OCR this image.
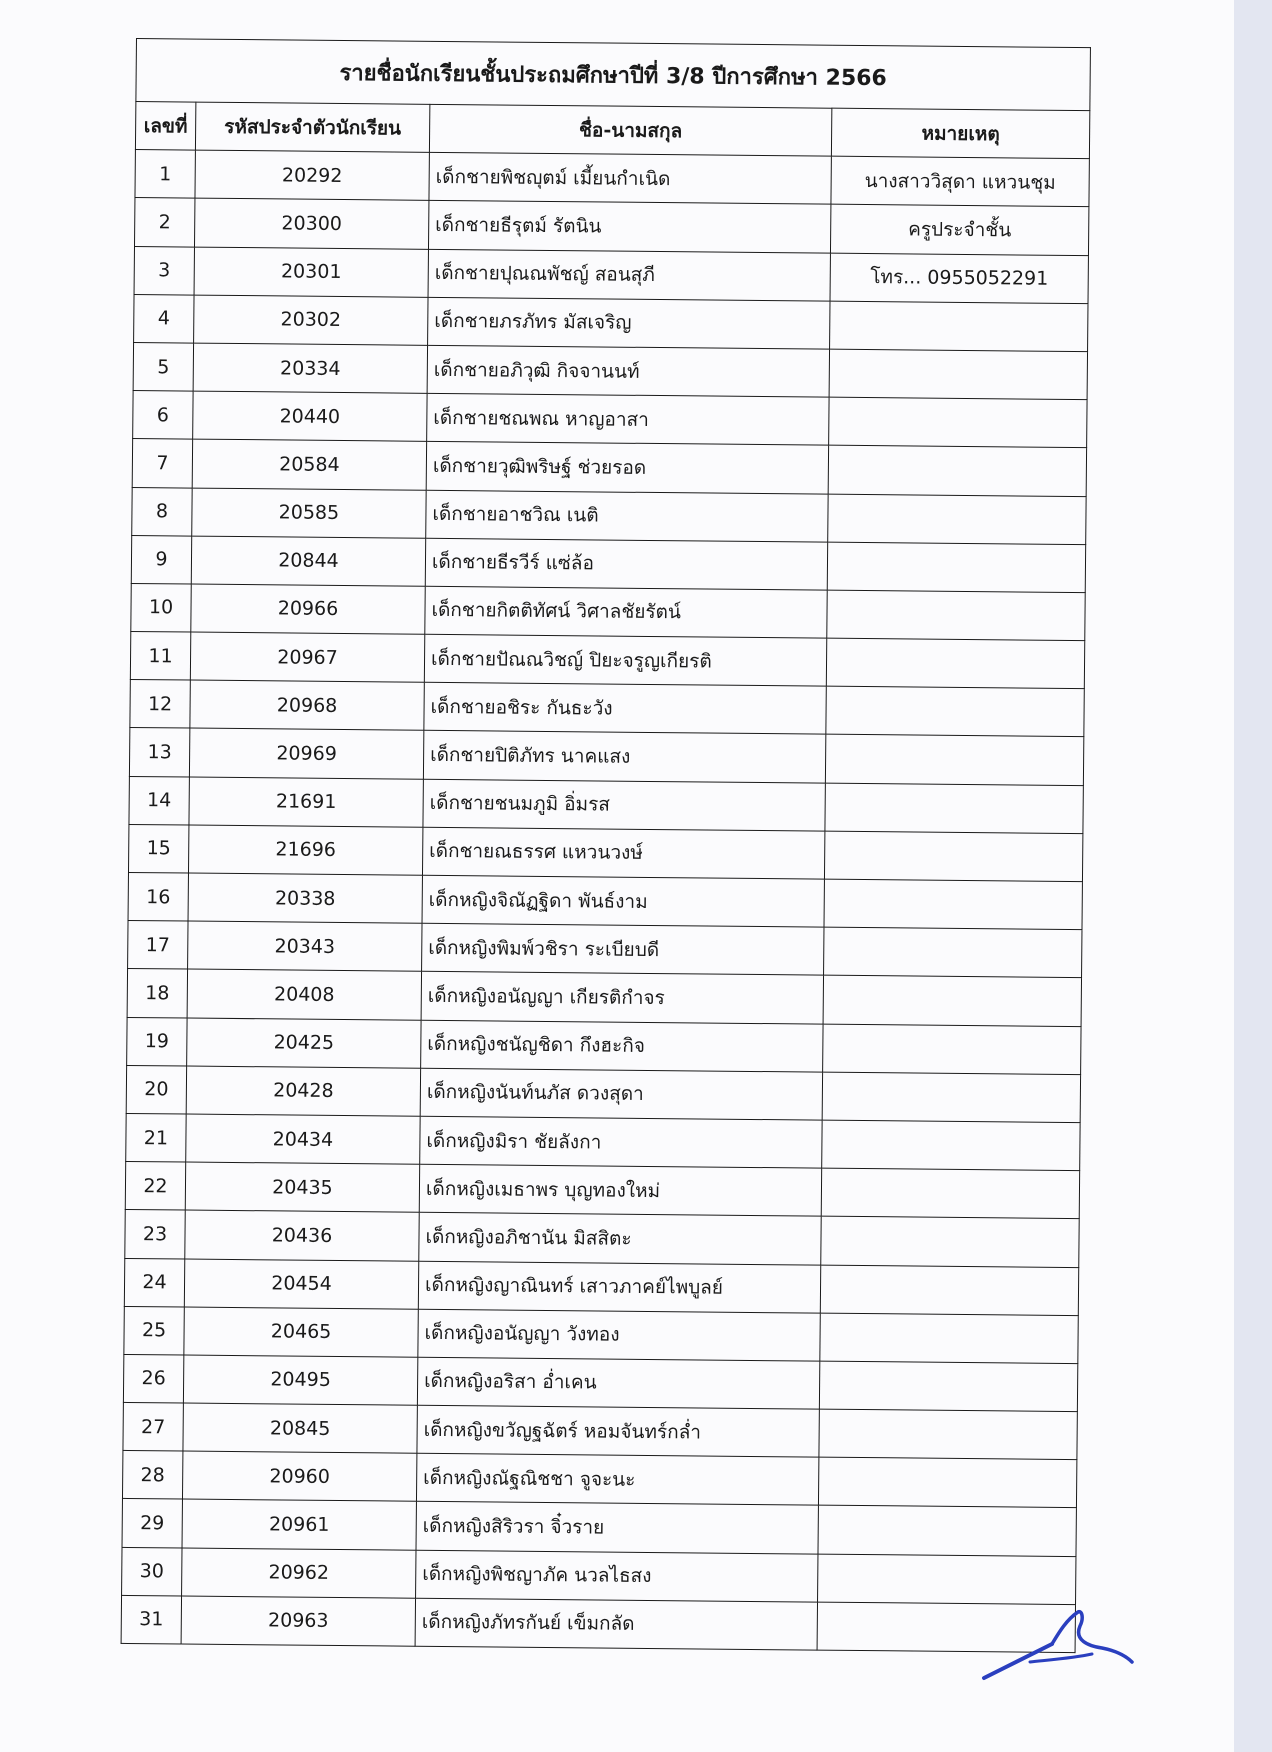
รายชื่อนักเรียนชั้นประถมศึกษาปีที่ 3/8 ปีการศึกษา 2566			
เลขที่	รหัสประจำตัวนักเรียน	ชื่อ-นามสกุล	หมายเหตุ
1	20292	เด็กชายพิชญุตม์ เมี้ยนกำเนิด	นางสาววิสุดา แหวนชุม
2	20300	เด็กชายธีรุตม์ รัตนิน	ครูประจำชั้น
3	20301	เด็กชายปุณณพัชญ์ สอนสุภี	โทร... 0955052291
4	20302	เด็กชายภรภัทร มัสเจริญ	
5	20334	เด็กชายอภิวุฒิ กิจจานนท์	
6	20440	เด็กชายชณพณ หาญอาสา	
7	20584	เด็กชายวุฒิพริษฐ์ ช่วยรอด	
8	20585	เด็กชายอาชวิณ เนติ	
9	20844	เด็กชายธีรวีร์ แซ่ล้อ	
10	20966	เด็กชายกิตติทัศน์ วิศาลชัยรัตน์	
11	20967	เด็กชายปัณณวิชญ์ ปิยะจรูญเกียรติ	
12	20968	เด็กชายอชิระ กันธะวัง	
13	20969	เด็กชายปิติภัทร นาคแสง	
14	21691	เด็กชายชนมภูมิ อิ่มรส	
15	21696	เด็กชายณธรรศ แหวนวงษ์	
16	20338	เด็กหญิงจิณัฏฐิดา พันธ์งาม	
17	20343	เด็กหญิงพิมพ์วชิรา ระเบียบดี	
18	20408	เด็กหญิงอนัญญา เกียรติกำจร	
19	20425	เด็กหญิงชนัญชิดา กึงฮะกิจ	
20	20428	เด็กหญิงนันท์นภัส ดวงสุดา	
21	20434	เด็กหญิงมิรา ชัยลังกา	
22	20435	เด็กหญิงเมธาพร บุญทองใหม่	
23	20436	เด็กหญิงอภิชานัน มิสสิตะ	
24	20454	เด็กหญิงญาณินทร์ เสาวภาคย์ไพบูลย์	
25	20465	เด็กหญิงอนัญญา วังทอง	
26	20495	เด็กหญิงอริสา อ่ำเคน	
27	20845	เด็กหญิงขวัญฐฉัตร์ หอมจันทร์กล่ำ	
28	20960	เด็กหญิงณัฐณิชชา จูจะนะ	
29	20961	เด็กหญิงสิริวรา จิ๋วราย	
30	20962	เด็กหญิงพิชญาภัค นวลไธสง	
31	20963	เด็กหญิงภัทรกันย์ เข็มกลัด	
